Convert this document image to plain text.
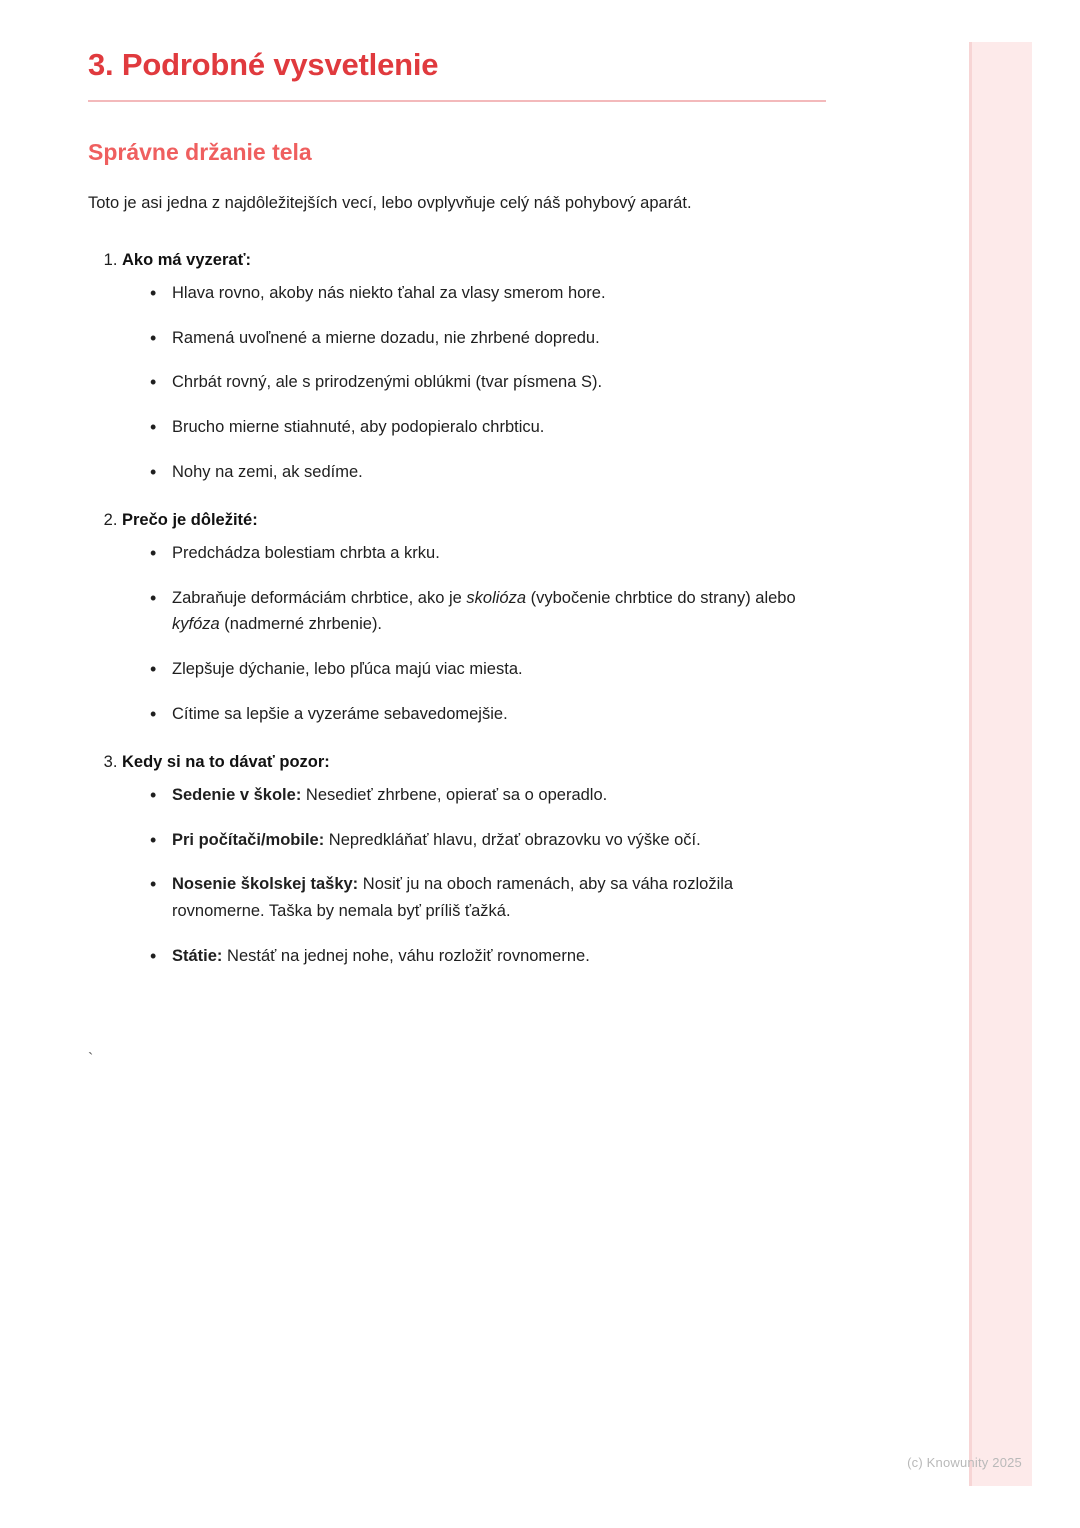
3. Podrobné vysvetlenie
Správne držanie tela

Toto je asi jedna z najdôležitejších vecí, lebo ovplyvňuje celý náš pohybový aparát.

1. Ako má vyzerať:
• Hlava rovno, akoby nás niekto ťahal za vlasy smerom hore.
• Ramená uvoľnené a mierne dozadu, nie zhrbené dopredu.
• Chrbát rovný, ale s prirodzenými oblúkmi (tvar písmena S).
• Brucho mierne stiahnuté, aby podopieralo chrbticu.
• Nohy na zemi, ak sedíme.
2. Prečo je dôležité:
• Predchádza bolestiam chrbta a krku.
• Zabraňuje deformáciám chrbtice, ako je skolióza (vybočenie chrbtice do strany) alebo kyfóza (nadmerné zhrbenie).
• Zlepšuje dýchanie, lebo pľúca majú viac miesta.
• Cítime sa lepšie a vyzeráme sebavedomejšie.
3. Kedy si na to dávať pozor:
• Sedenie v škole: Nesedieť zhrbene, opierať sa o operadlo.
• Pri počítači/mobile: Nepredkláňať hlavu, držať obrazovku vo výške očí.
• Nosenie školskej tašky: Nosiť ju na oboch ramenách, aby sa váha rozložila rovnomerne. Taška by nemala byť príliš ťažká.
• Státie: Nestáť na jednej nohe, váhu rozložiť rovnomerne.
`
(c) Knowunity 2025
